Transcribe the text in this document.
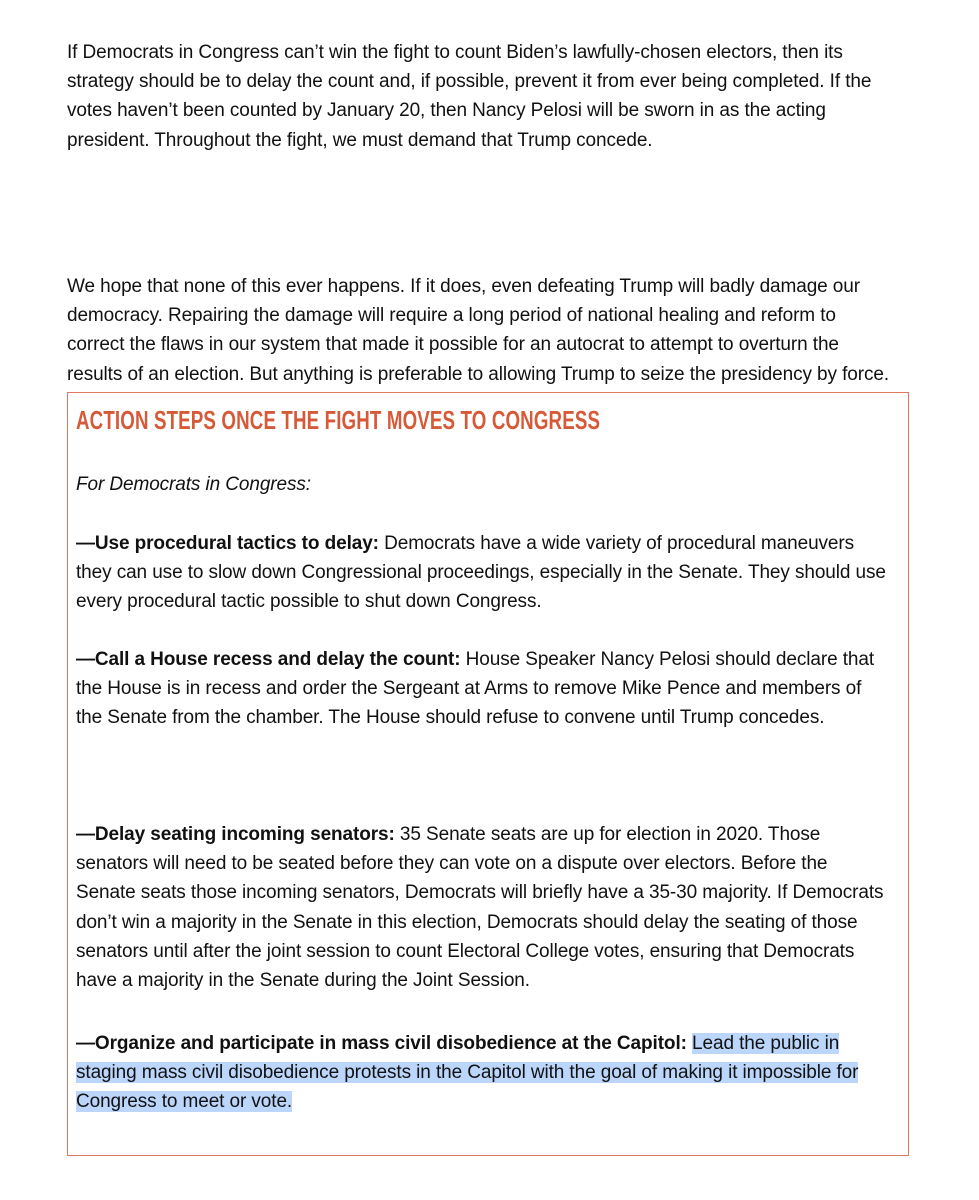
If Democrats in Congress can’t win the fight to count Biden’s lawfully-chosen electors, then its strategy should be to delay the count and, if possible, prevent it from ever being completed. If the votes haven’t been counted by January 20, then Nancy Pelosi will be sworn in as the acting president. Throughout the fight, we must demand that Trump concede.

We hope that none of this ever happens. If it does, even defeating Trump will badly damage our democracy. Repairing the damage will require a long period of national healing and reform to correct the flaws in our system that made it possible for an autocrat to attempt to overturn the results of an election. But anything is preferable to allowing Trump to seize the presidency by force.

ACTION STEPS ONCE THE FIGHT MOVES TO CONGRESS

For Democrats in Congress:

—Use procedural tactics to delay: Democrats have a wide variety of procedural maneuvers they can use to slow down Congressional proceedings, especially in the Senate. They should use every procedural tactic possible to shut down Congress.

—Call a House recess and delay the count: House Speaker Nancy Pelosi should declare that the House is in recess and order the Sergeant at Arms to remove Mike Pence and members of the Senate from the chamber. The House should refuse to convene until Trump concedes.

—Delay seating incoming senators: 35 Senate seats are up for election in 2020. Those senators will need to be seated before they can vote on a dispute over electors. Before the Senate seats those incoming senators, Democrats will briefly have a 35-30 majority. If Democrats don’t win a majority in the Senate in this election, Democrats should delay the seating of those senators until after the joint session to count Electoral College votes, ensuring that Democrats have a majority in the Senate during the Joint Session.

—Organize and participate in mass civil disobedience at the Capitol: Lead the public in staging mass civil disobedience protests in the Capitol with the goal of making it impossible for Congress to meet or vote.
